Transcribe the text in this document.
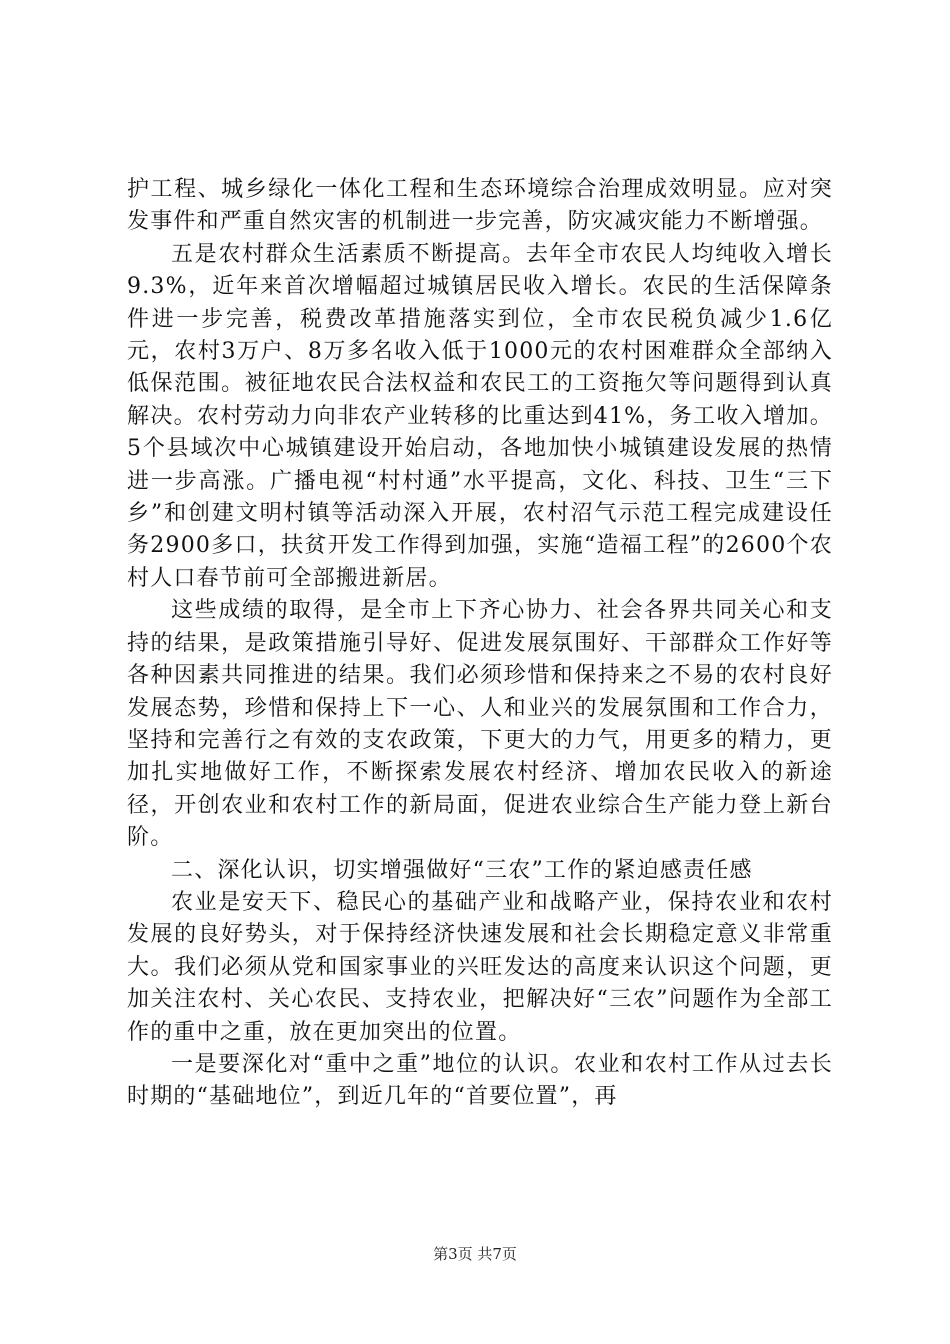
护工程、城乡绿化一体化工程和生态环境综合治理成效明显。应对突发事件和严重自然灾害的机制进一步完善，防灾减灾能力不断增强。

五是农村群众生活素质不断提高。去年全市农民人均纯收入增长9.3%，近年来首次增幅超过城镇居民收入增长。农民的生活保障条件进一步完善，税费改革措施落实到位，全市农民税负减少1.6亿元，农村3万户、8万多名收入低于1000元的农村困难群众全部纳入低保范围。被征地农民合法权益和农民工的工资拖欠等问题得到认真解决。农村劳动力向非农产业转移的比重达到41%，务工收入增加。5个县域次中心城镇建设开始启动，各地加快小城镇建设发展的热情进一步高涨。广播电视“村村通”水平提高，文化、科技、卫生“三下乡”和创建文明村镇等活动深入开展，农村沼气示范工程完成建设任务2900多口，扶贫开发工作得到加强，实施“造福工程”的2600个农村人口春节前可全部搬进新居。

这些成绩的取得，是全市上下齐心协力、社会各界共同关心和支持的结果，是政策措施引导好、促进发展氛围好、干部群众工作好等各种因素共同推进的结果。我们必须珍惜和保持来之不易的农村良好发展态势，珍惜和保持上下一心、人和业兴的发展氛围和工作合力，坚持和完善行之有效的支农政策，下更大的力气，用更多的精力，更加扎实地做好工作，不断探索发展农村经济、增加农民收入的新途径，开创农业和农村工作的新局面，促进农业综合生产能力登上新台阶。

二、深化认识，切实增强做好“三农”工作的紧迫感责任感

农业是安天下、稳民心的基础产业和战略产业，保持农业和农村发展的良好势头，对于保持经济快速发展和社会长期稳定意义非常重大。我们必须从党和国家事业的兴旺发达的高度来认识这个问题，更加关注农村、关心农民、支持农业，把解决好“三农”问题作为全部工作的重中之重，放在更加突出的位置。

一是要深化对“重中之重”地位的认识。农业和农村工作从过去长时期的“基础地位”，到近几年的“首要位置”，再

第3页 共7页
